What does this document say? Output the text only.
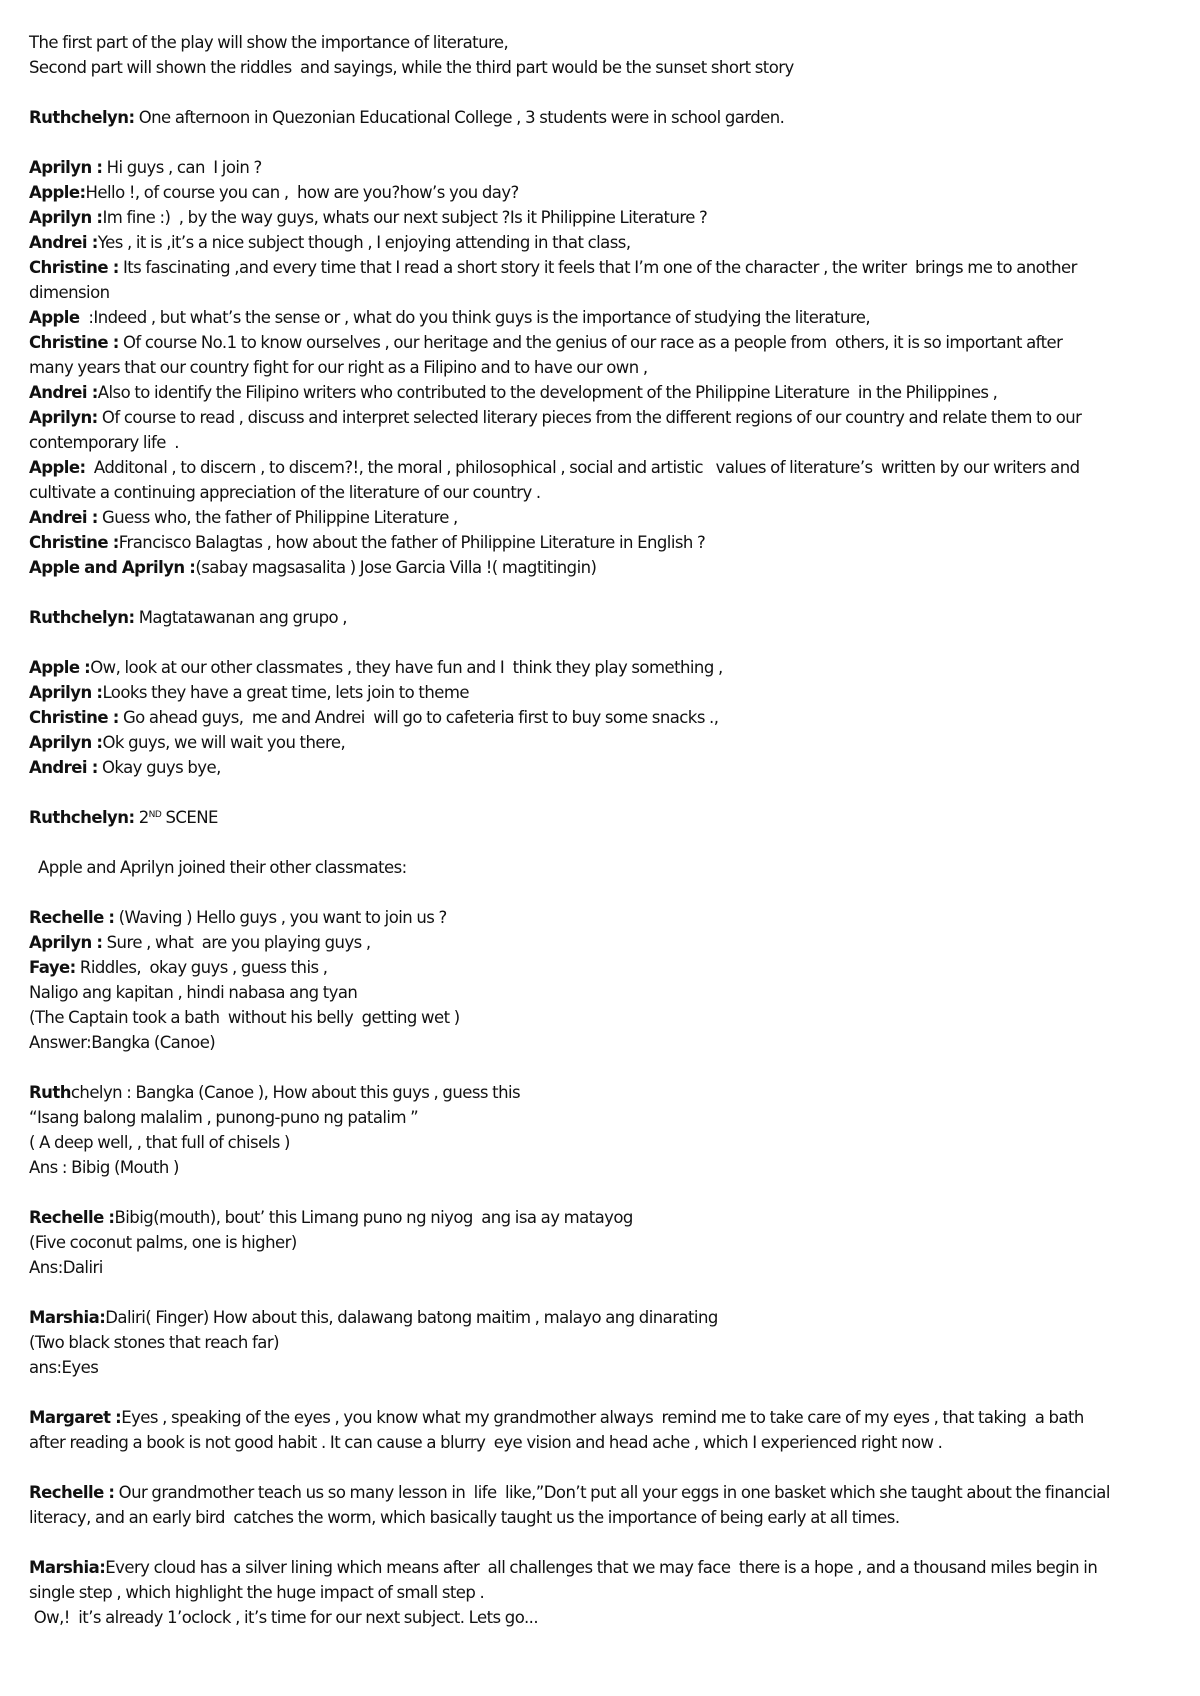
The first part of the play will show the importance of literature,
Second part will shown the riddles  and sayings, while the third part would be the sunset short story
Ruthchelyn: One afternoon in Quezonian Educational College , 3 students were in school garden.
Aprilyn : Hi guys , can  I join ?
Apple:Hello !, of course you can ,  how are you?how’s you day?
Aprilyn :Im fine :)  , by the way guys, whats our next subject ?Is it Philippine Literature ?
Andrei :Yes , it is ,it’s a nice subject though , I enjoying attending in that class,
Christine : Its fascinating ,and every time that I read a short story it feels that I’m one of the character , the writer  brings me to another
dimension
Apple  :Indeed , but what’s the sense or , what do you think guys is the importance of studying the literature,
Christine : Of course No.1 to know ourselves , our heritage and the genius of our race as a people from  others, it is so important after
many years that our country fight for our right as a Filipino and to have our own ,
Andrei :Also to identify the Filipino writers who contributed to the development of the Philippine Literature  in the Philippines ,
Aprilyn: Of course to read , discuss and interpret selected literary pieces from the different regions of our country and relate them to our
contemporary life  .
Apple:  Additonal , to discern , to discem?!, the moral , philosophical , social and artistic   values of literature’s  written by our writers and
cultivate a continuing appreciation of the literature of our country .
Andrei : Guess who, the father of Philippine Literature ,
Christine :Francisco Balagtas , how about the father of Philippine Literature in English ?
Apple and Aprilyn :(sabay magsasalita ) Jose Garcia Villa !( magtitingin)
Ruthchelyn: Magtatawanan ang grupo ,
Apple :Ow, look at our other classmates , they have fun and I  think they play something ,
Aprilyn :Looks they have a great time, lets join to theme
Christine : Go ahead guys,  me and Andrei  will go to cafeteria first to buy some snacks .,
Aprilyn :Ok guys, we will wait you there,
Andrei : Okay guys bye,
Ruthchelyn: 2ND SCENE
Apple and Aprilyn joined their other classmates:
Rechelle : (Waving ) Hello guys , you want to join us ?
Aprilyn : Sure , what  are you playing guys ,
Faye: Riddles,  okay guys , guess this ,
Naligo ang kapitan , hindi nabasa ang tyan
(The Captain took a bath  without his belly  getting wet )
Answer:Bangka (Canoe)
Ruthchelyn : Bangka (Canoe ), How about this guys , guess this
“Isang balong malalim , punong-puno ng patalim ”
( A deep well, , that full of chisels )
Ans : Bibig (Mouth )
Rechelle :Bibig(mouth), bout’ this Limang puno ng niyog  ang isa ay matayog
(Five coconut palms, one is higher)
Ans:Daliri
Marshia:Daliri( Finger) How about this, dalawang batong maitim , malayo ang dinarating
(Two black stones that reach far)
ans:Eyes
Margaret :Eyes , speaking of the eyes , you know what my grandmother always  remind me to take care of my eyes , that taking  a bath
after reading a book is not good habit . It can cause a blurry  eye vision and head ache , which I experienced right now .
Rechelle : Our grandmother teach us so many lesson in  life  like,”Don’t put all your eggs in one basket which she taught about the financial
literacy, and an early bird  catches the worm, which basically taught us the importance of being early at all times.
Marshia:Every cloud has a silver lining which means after  all challenges that we may face  there is a hope , and a thousand miles begin in
single step , which highlight the huge impact of small step .
Ow,!  it’s already 1’oclock , it’s time for our next subject. Lets go...
